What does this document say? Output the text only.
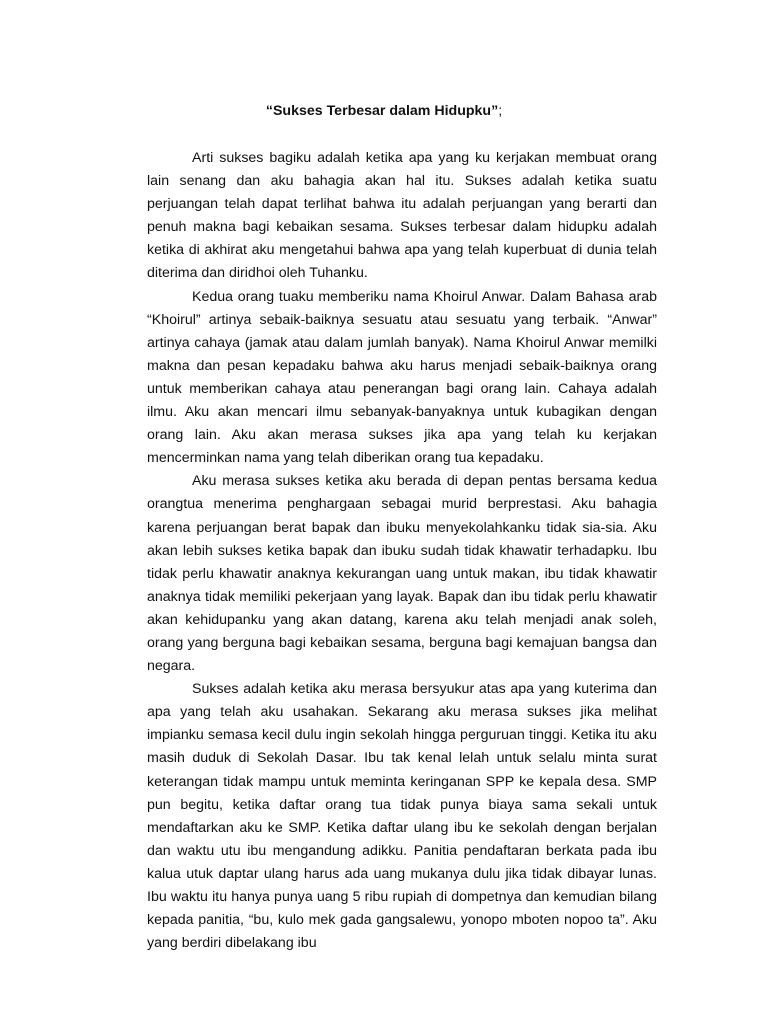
“Sukses Terbesar dalam Hidupku”;

Arti sukses bagiku adalah ketika apa yang ku kerjakan membuat orang lain senang dan aku bahagia akan hal itu. Sukses adalah ketika suatu perjuangan telah dapat terlihat bahwa itu adalah perjuangan yang berarti dan penuh makna bagi kebaikan sesama. Sukses terbesar dalam hidupku adalah ketika di akhirat aku mengetahui bahwa apa yang telah kuperbuat di dunia telah diterima dan diridhoi oleh Tuhanku.

Kedua orang tuaku memberiku nama Khoirul Anwar. Dalam Bahasa arab “Khoirul” artinya sebaik-baiknya sesuatu atau sesuatu yang terbaik. “Anwar” artinya cahaya (jamak atau dalam jumlah banyak). Nama Khoirul Anwar memilki makna dan pesan kepadaku bahwa aku harus menjadi sebaik-baiknya orang untuk memberikan cahaya atau penerangan bagi orang lain. Cahaya adalah ilmu. Aku akan mencari ilmu sebanyak-banyaknya untuk kubagikan dengan orang lain. Aku akan merasa sukses jika apa yang telah ku kerjakan mencerminkan nama yang telah diberikan orang tua kepadaku.

Aku merasa sukses ketika aku berada di depan pentas bersama kedua orangtua menerima penghargaan sebagai murid berprestasi. Aku bahagia karena perjuangan berat bapak dan ibuku menyekolahkanku tidak sia-sia. Aku akan lebih sukses ketika bapak dan ibuku sudah tidak khawatir terhadapku. Ibu tidak perlu khawatir anaknya kekurangan uang untuk makan, ibu tidak khawatir anaknya tidak memiliki pekerjaan yang layak. Bapak dan ibu tidak perlu khawatir akan kehidupanku yang akan datang, karena aku telah menjadi anak soleh, orang yang berguna bagi kebaikan sesama, berguna bagi kemajuan bangsa dan negara.

Sukses adalah ketika aku merasa bersyukur atas apa yang kuterima dan apa yang telah aku usahakan. Sekarang aku merasa sukses jika melihat impianku semasa kecil dulu ingin sekolah hingga perguruan tinggi. Ketika itu aku masih duduk di Sekolah Dasar. Ibu tak kenal lelah untuk selalu minta surat keterangan tidak mampu untuk meminta keringanan SPP ke kepala desa. SMP pun begitu, ketika daftar orang tua tidak punya biaya sama sekali untuk mendaftarkan aku ke SMP. Ketika daftar ulang ibu ke sekolah dengan berjalan dan waktu utu ibu mengandung adikku. Panitia pendaftaran berkata pada ibu kalua utuk daptar ulang harus ada uang mukanya dulu jika tidak dibayar lunas. Ibu waktu itu hanya punya uang 5 ribu rupiah di dompetnya dan kemudian bilang kepada panitia, “bu, kulo mek gada gangsalewu, yonopo mboten nopoo ta”. Aku yang berdiri dibelakang ibu
